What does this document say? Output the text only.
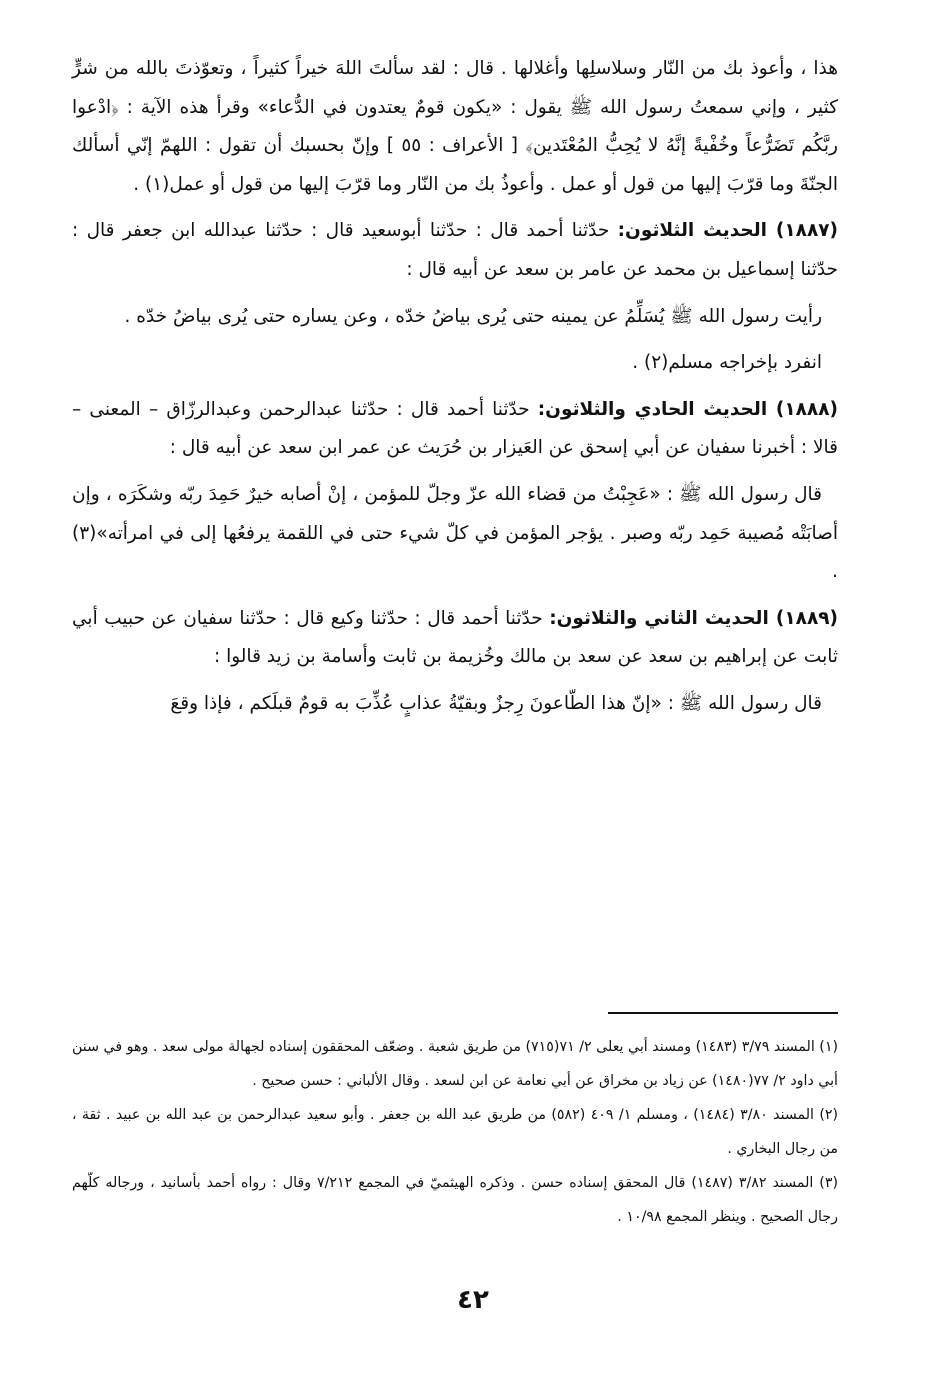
هذا ، وأعوذ بك من النّار وسلاسلِها وأغلالها . قال : لقد سألتَ اللهَ خيراً كثيراً ، وتعوّذتَ بالله من شرٍّ كثير ، وإني سمعتُ رسول الله ﷺ يقول : «يكون قومٌ يعتدون في الدُّعاء» وقرأ هذه الآية : ﴿ادْعوا ربَّكُم تَضَرُّعاً وخُفْيةً إنَّهُ لا يُحِبُّ المُعْتَدين﴾ [ الأعراف : ٥٥ ] وإنّ بحسبك أن تقول : اللهمّ إنّي أسألك الجنّةَ وما قرّبَ إليها من قول أو عمل . وأعوذُ بك من النّار وما قرّبَ إليها من قول أو عمل(١) .

(١٨٨٧) الحديث الثلاثون: حدّثنا أحمد قال : حدّثنا أبوسعيد قال : حدّثنا عبدالله ابن جعفر قال : حدّثنا إسماعيل بن محمد عن عامر بن سعد عن أبيه قال :

رأيت رسول الله ﷺ يُسَلِّمُ عن يمينه حتى يُرى بياضُ خدّه ، وعن يساره حتى يُرى بياضُ خدّه .

انفرد بإخراجه مسلم(٢) .

(١٨٨٨) الحديث الحادي والثلاثون: حدّثنا أحمد قال : حدّثنا عبدالرحمن وعبدالرزّاق – المعنى – قالا : أخبرنا سفيان عن أبي إسحق عن العَيزار بن حُرَيث عن عمر ابن سعد عن أبيه قال :

قال رسول الله ﷺ : «عَجِبْتُ من قضاء الله عزّ وجلّ للمؤمن ، إنْ أصابه خيرٌ حَمِدَ ربّه وشكَرَه ، وإن أصابَتْه مُصيبة حَمِد ربّه وصبر . يؤجر المؤمن في كلّ شيء حتى في اللقمة يرفعُها إلى في امرأته»(٣) .

(١٨٨٩) الحديث الثاني والثلاثون: حدّثنا أحمد قال : حدّثنا وكيع قال : حدّثنا سفيان عن حبيب أبي ثابت عن إبراهيم بن سعد عن سعد بن مالك وخُزيمة بن ثابت وأسامة بن زيد قالوا :

قال رسول الله ﷺ : «إنّ هذا الطّاعونَ رِجزٌ وبقيّةُ عذابٍ عُذِّبَ به قومٌ قبلَكم ، فإذا وقعَ

(١) المسند ٣/٧٩ (١٤٨٣) ومسند أبي يعلى ٢/ ٧١(٧١٥) من طريق شعبة . وضعّف المحققون إسناده لجهالة مولى سعد . وهو في سنن أبي داود ٢/ ٧٧(١٤٨٠) عن زياد بن مخراق عن أبي نعامة عن ابن لسعد . وقال الألباني : حسن صحيح .

(٢) المسند ٣/٨٠ (١٤٨٤) ، ومسلم ١/ ٤٠٩ (٥٨٢) من طريق عبد الله بن جعفر . وأبو سعيد عبدالرحمن بن عبد الله بن عبيد . ثقة ، من رجال البخاري .

(٣) المسند ٣/٨٢ (١٤٨٧) قال المحقق إسناده حسن . وذكره الهيثميّ في المجمع ٧/٢١٢ وقال : رواه أحمد بأسانيد ، ورجاله كلّهم رجال الصحيح . وينظر المجمع ١٠/٩٨ .

٤٢
